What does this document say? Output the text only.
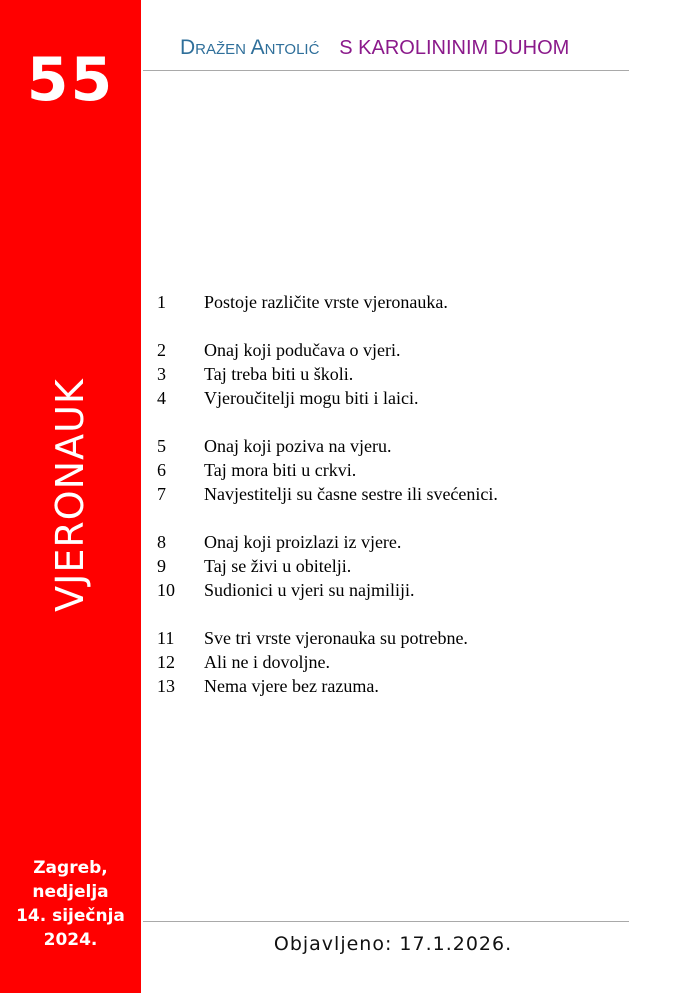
55
VJERONAUK
Zagreb,
nedjelja
14. siječnja
2024.
Dražen Antolić S KAROLININIM DUHOM
1	Postoje različite vrste vjeronauka.
2	Onaj koji podučava o vjeri.
3	Taj treba biti u školi.
4	Vjeroučitelji mogu biti i laici.
5	Onaj koji poziva na vjeru.
6	Taj mora biti u crkvi.
7	Navjestitelji su časne sestre ili svećenici.
8	Onaj koji proizlazi iz vjere.
9	Taj se živi u obitelji.
10	Sudionici u vjeri su najmiliji.
11	Sve tri vrste vjeronauka su potrebne.
12	Ali ne i dovoljne.
13	Nema vjere bez razuma.
Objavljeno: 17.1.2026.
